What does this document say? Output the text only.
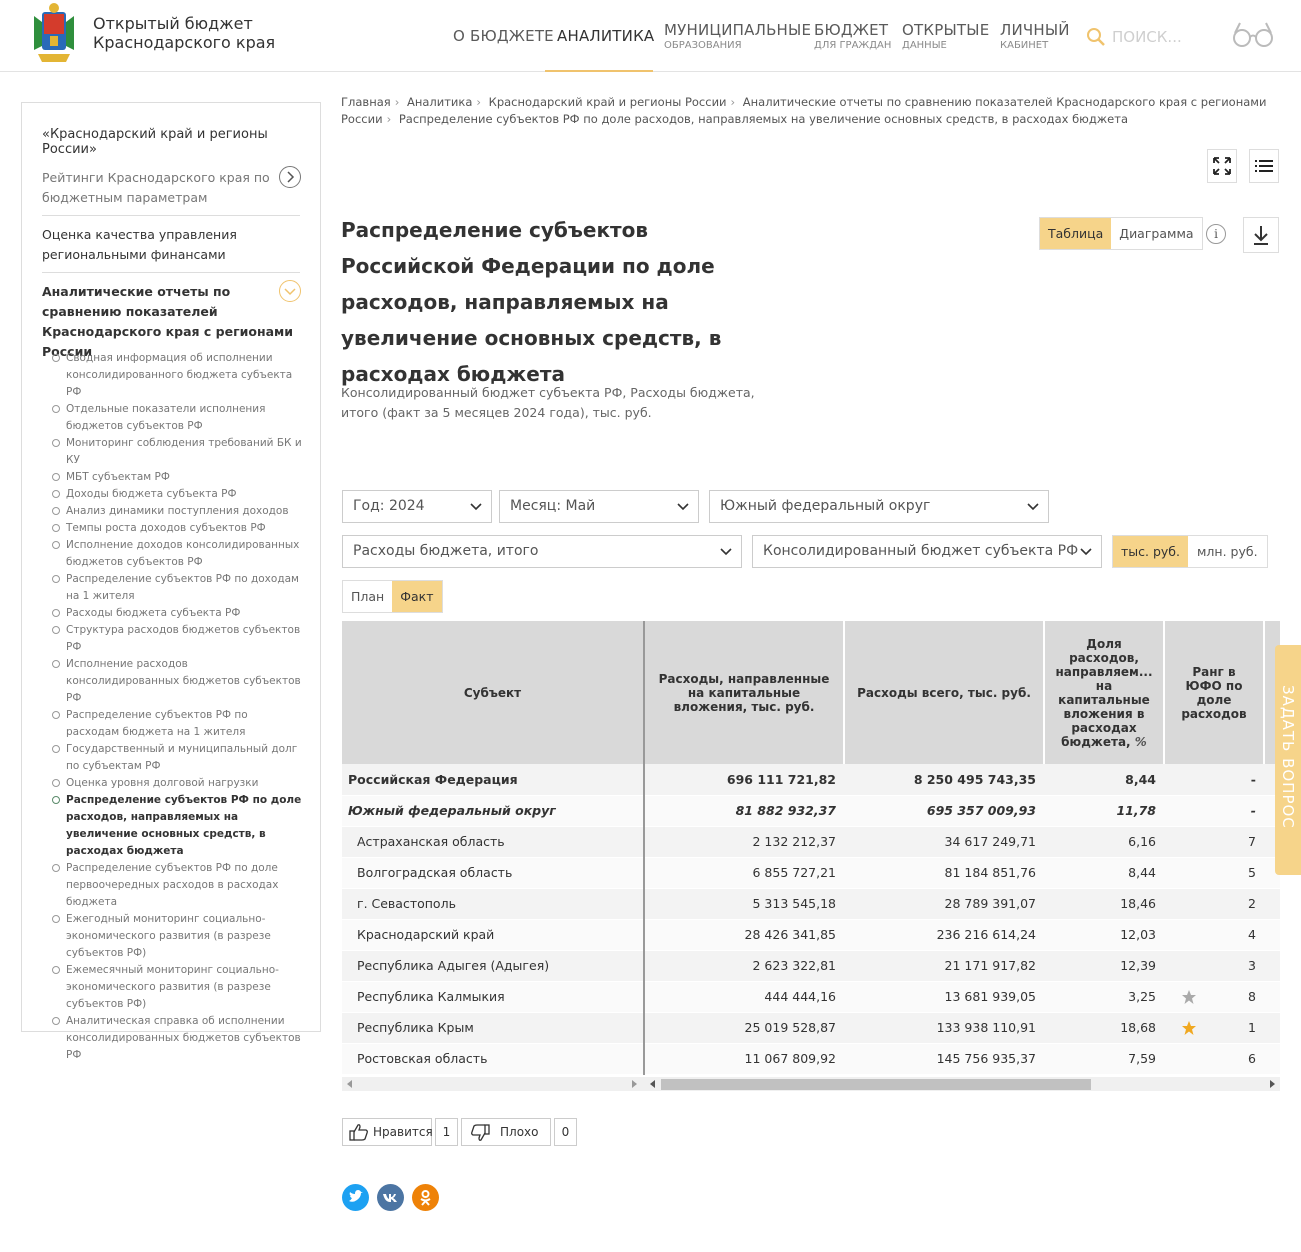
Открытый бюджет
Краснодарского края	О БЮДЖЕТЕ АНАЛИТИКА МУНИЦИПАЛЬНЫЕ
ОБРАЗОВАНИЯ
БЮДЖЕТ
ДЛЯ ГРАЖДАН
ОТКРЫТЫЕ
ДАННЫЕ
ЛИЧНЫЙ
КАБИНЕТ	ПОИСК...
«Краснодарский край и регионы России»
Рейтинги Краснодарского края по бюджетным параметрам
Оценка качества управления региональными финансами
Аналитические отчеты по сравнению показателей Краснодарского края с регионами России
Сводная информация об исполнении консолидированного бюджета субъекта РФ
Отдельные показатели исполнения бюджетов субъектов РФ
Мониторинг соблюдения требований БК и КУ
МБТ субъектам РФ
Доходы бюджета субъекта РФ
Анализ динамики поступления доходов
Темпы роста доходов субъектов РФ
Исполнение доходов консолидированных бюджетов субъектов РФ
Распределение субъектов РФ по доходам на 1 жителя
Расходы бюджета субъекта РФ
Структура расходов бюджетов субъектов РФ
Исполнение расходов консолидированных бюджетов субъектов РФ
Распределение субъектов РФ по расходам бюджета на 1 жителя
Государственный и муниципальный долг по субъектам РФ
Оценка уровня долговой нагрузки
Распределение субъектов РФ по доле расходов, направляемых на увеличение основных средств, в расходах бюджета
Распределение субъектов РФ по доле первоочередных расходов в расходах бюджета
Ежегодный мониторинг социально-экономического развития (в разрезе субъектов РФ)
Ежемесячный мониторинг социально-экономического развития (в разрезе субъектов РФ)
Аналитическая справка об исполнении консолидированных бюджетов субъектов РФ
Главная › Аналитика › Краснодарский край и регионы России › Аналитические отчеты по сравнению показателей Краснодарского края с регионами России › Распределение субъектов РФ по доле расходов, направляемых на увеличение основных средств, в расходах бюджета
Распределение субъектов Российской Федерации по доле расходов, направляемых на увеличение основных средств, в расходах бюджета
Консолидированный бюджет субъекта РФ, Расходы бюджета, итого (факт за 5 месяцев 2024 года), тыс. руб.
Таблица	Диаграмма	i
Год: 2024	Месяц: Май	Южный федеральный округ
Расходы бюджета, итого	Консолидированный бюджет субъекта РФ	тыс. руб.	млн. руб.
План	Факт
Субъект	Расходы, направленные на капитальные вложения, тыс. руб.	Расходы всего, тыс. руб.	Доля расходов, направляем... на капитальные вложения в расходах бюджета, %	Ранг в ЮФО по доле расходов	
Российская Федерация	696 111 721,82	8 250 495 743,35	8,44	-	
Южный федеральный округ	81 882 932,37	695 357 009,93	11,78	-	
Астраханская область	2 132 212,37	34 617 249,71	6,16	7	
Волгоградская область	6 855 727,21	81 184 851,76	8,44	5	
г. Севастополь	5 313 545,18	28 789 391,07	18,46	2	
Краснодарский край	28 426 341,85	236 216 614,24	12,03	4	
Республика Адыгея (Адыгея)	2 623 322,81	21 171 917,82	12,39	3	
Республика Калмыкия	444 444,16	13 681 939,05	3,25	8	
Республика Крым	25 019 528,87	133 938 110,91	18,68	1	
Ростовская область	11 067 809,92	145 756 935,37	7,59	6	
ЗАДАТЬ ВОПРОС
Нравится 1	Плохо	0
